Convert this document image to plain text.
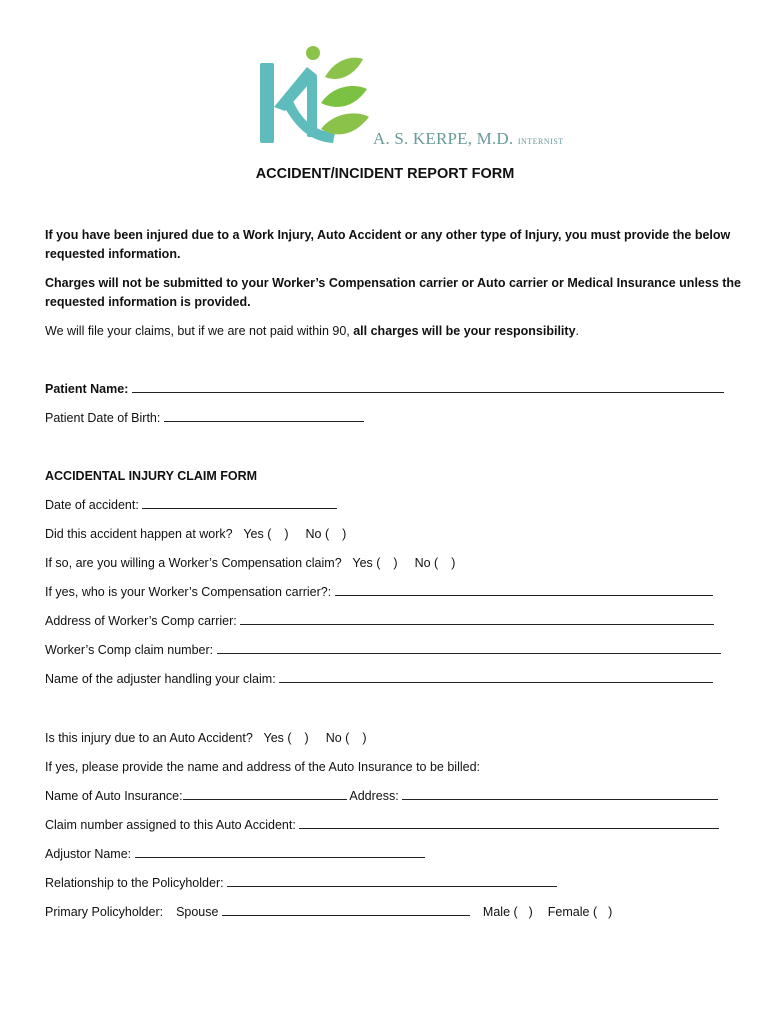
A. S. KERPE, M.D. INTERNIST
ACCIDENT/INCIDENT REPORT FORM
If you have been injured due to a Work Injury, Auto Accident or any other type of Injury, you must provide the below
requested information.
Charges will not be submitted to your Worker’s Compensation carrier or Auto carrier or Medical Insurance unless the
requested information is provided.
We will file your claims, but if we are not paid within 90, all charges will be your responsibility.
Patient Name:
Patient Date of Birth:
ACCIDENTAL INJURY CLAIM FORM
Date of accident:
Did this accident happen at work? Yes ( ) No ( )
If so, are you willing a Worker’s Compensation claim? Yes ( ) No ( )
If yes, who is your Worker’s Compensation carrier?:
Address of Worker’s Comp carrier:
Worker’s Comp claim number:
Name of the adjuster handling your claim:
Is this injury due to an Auto Accident? Yes ( ) No ( )
If yes, please provide the name and address of the Auto Insurance to be billed:
Name of Auto Insurance:	Address:
Claim number assigned to this Auto Accident:
Adjustor Name:
Relationship to the Policyholder:
Primary Policyholder: Spouse	Male ( ) Female ( )
